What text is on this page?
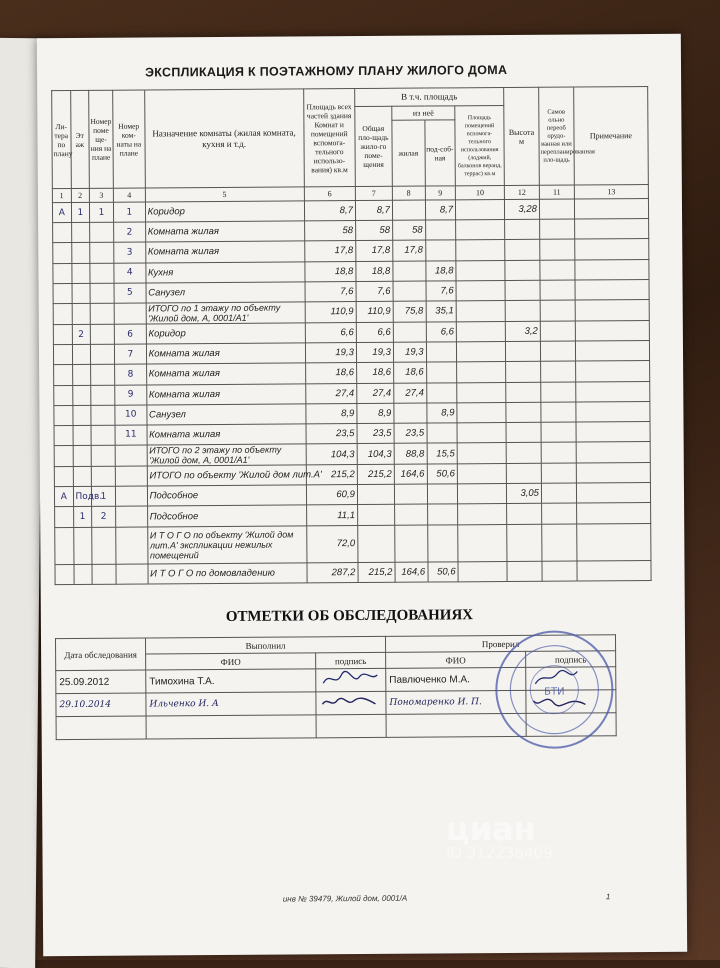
ЭКСПЛИКАЦИЯ К ПОЭТАЖНОМУ ПЛАНУ ЖИЛОГО ДОМА
Ли-тера по плану	Эт аж	Номер поме ще-ния на плане	Номер ком-наты на плане	Назначение комнаты (жилая комната, кухня и т.д.	Площадь всех частей здания Комнат и помещений вспомога-тельного использо-вания) кв.м	В т.ч. площадь				Высота м	Самов ольно переоб орудо-ванная или перепланированная пло-щадь	Примечание
						Общая пло-щадь жило-го поме-щения	из неё		Площадь помещений вспомога-тельного использования (лоджий, балконов веранд, террас) кв.м			
							жилая	под-соб-ная				
1	2	3	4	5	6	7	8	9	10	12	11	13
А	1	1	1	Коридор	8,7	8,7		8,7		3,28		
			2	Комната жилая	58	58	58					
			3	Комната жилая	17,8	17,8	17,8					
			4	Кухня	18,8	18,8		18,8				
			5	Санузел	7,6	7,6		7,6				
				ИТОГО по 1 этажу по объекту 'Жилой дом, А, 0001/А1'	110,9	110,9	75,8	35,1				
	2		6	Коридор	6,6	6,6		6,6		3,2		
			7	Комната жилая	19,3	19,3	19,3					
			8	Комната жилая	18,6	18,6	18,6					
			9	Комната жилая	27,4	27,4	27,4					
			10	Санузел	8,9	8,9		8,9				
			11	Комната жилая	23,5	23,5	23,5					
				ИТОГО по 2 этажу по объекту 'Жилой дом, А, 0001/А1'	104,3	104,3	88,8	15,5				
				ИТОГО по объекту 'Жилой дом лит.А'	215,2	215,2	164,6	50,6				
А	Подв.	1		Подсобное	60,9					3,05		
	1	2		Подсобное	11,1							
				И Т О Г О по объекту 'Жилой дом лит.А' экспликации нежилых помещений	72,0							
				И Т О Г О по домовладению	287,2	215,2	164,6	50,6				
ОТМЕТКИ ОБ ОБСЛЕДОВАНИЯХ
Дата обследования	Выполнил		Проверил	
	ФИО	подпись	ФИО	подпись
25.09.2012	Тимохина Т.А.		Павлюченко М.А.	
29.10.2014	Ильченко И. А		Пономаренко И. П.	

БТИ
инв № 39479, Жилой дом, 0001/А	1
циан
ID 312236409
